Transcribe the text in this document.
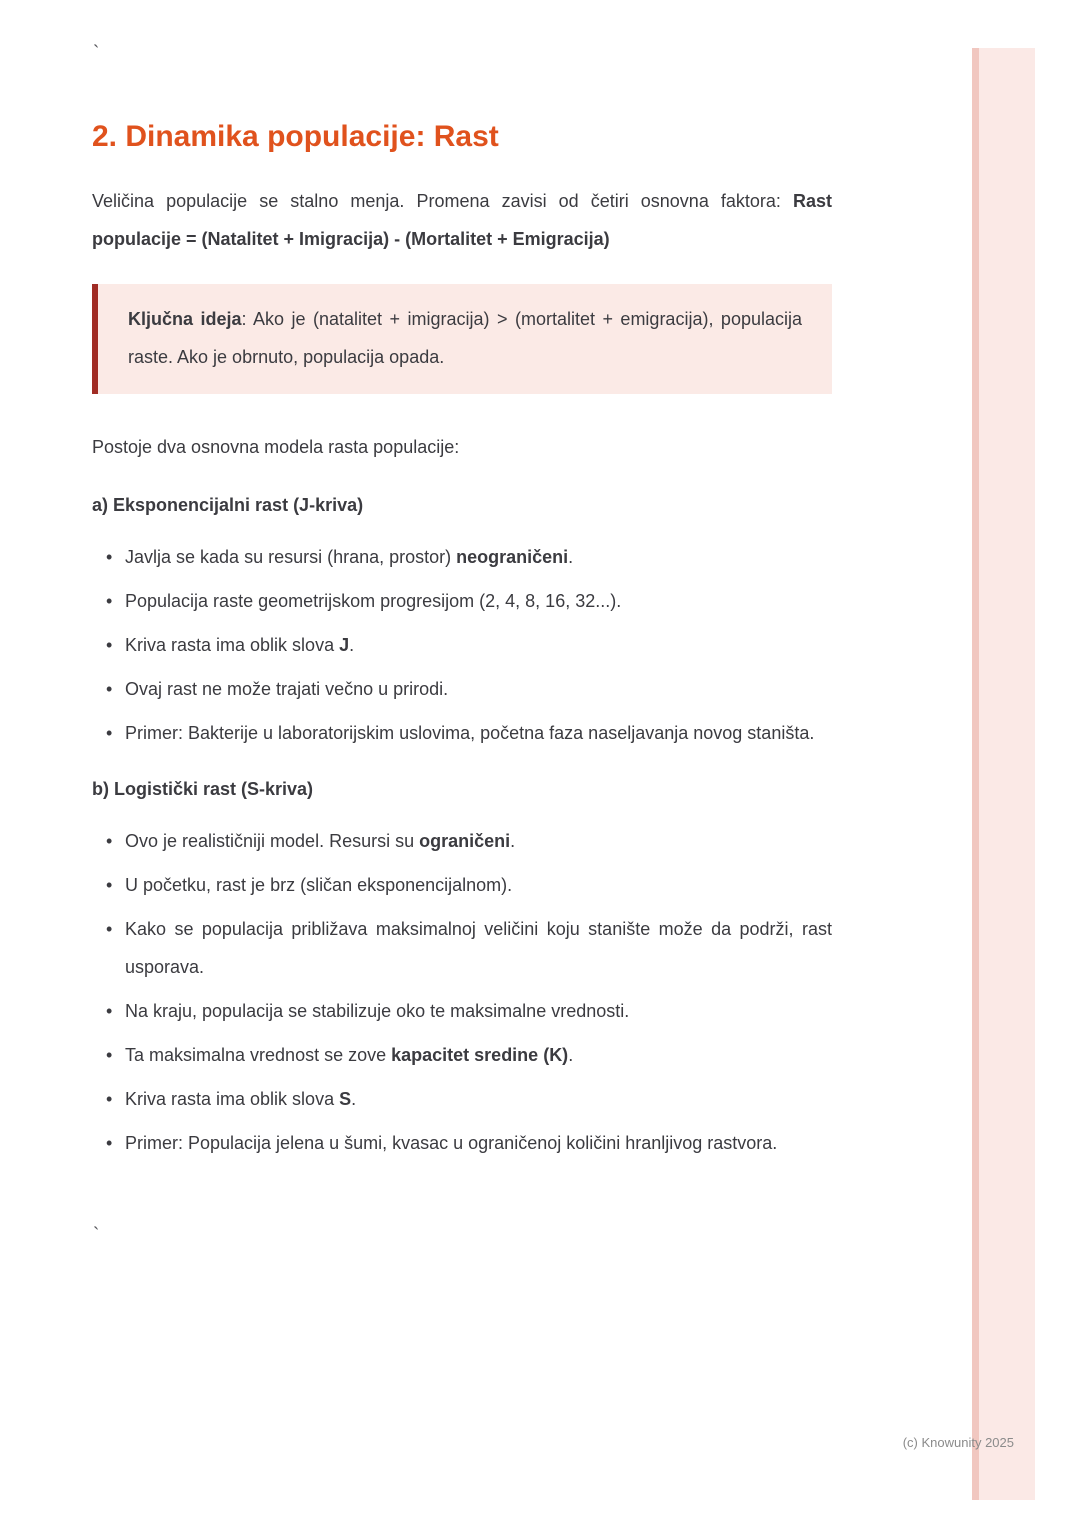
`
2. Dinamika populacije: Rast

Veličina populacije se stalno menja. Promena zavisi od četiri osnovna faktora: Rast populacije = (Natalitet + Imigracija) - (Mortalitet + Emigracija)

Ključna ideja: Ako je (natalitet + imigracija) > (mortalitet + emigracija), populacija raste. Ako je obrnuto, populacija opada.

Postoje dva osnovna modela rasta populacije:

a) Eksponencijalni rast (J-kriva)
• Javlja se kada su resursi (hrana, prostor) neograničeni.
• Populacija raste geometrijskom progresijom (2, 4, 8, 16, 32...).
• Kriva rasta ima oblik slova J.
• Ovaj rast ne može trajati večno u prirodi.
• Primer: Bakterije u laboratorijskim uslovima, početna faza naseljavanja novog staništa.
b) Logistički rast (S-kriva)
• Ovo je realističniji model. Resursi su ograničeni.
• U početku, rast je brz (sličan eksponencijalnom).
• Kako se populacija približava maksimalnoj veličini koju stanište može da podrži, rast usporava.
• Na kraju, populacija se stabilizuje oko te maksimalne vrednosti.
• Ta maksimalna vrednost se zove kapacitet sredine (K).
• Kriva rasta ima oblik slova S.
• Primer: Populacija jelena u šumi, kvasac u ograničenoj količini hranljivog rastvora.
`
(c) Knowunity 2025
